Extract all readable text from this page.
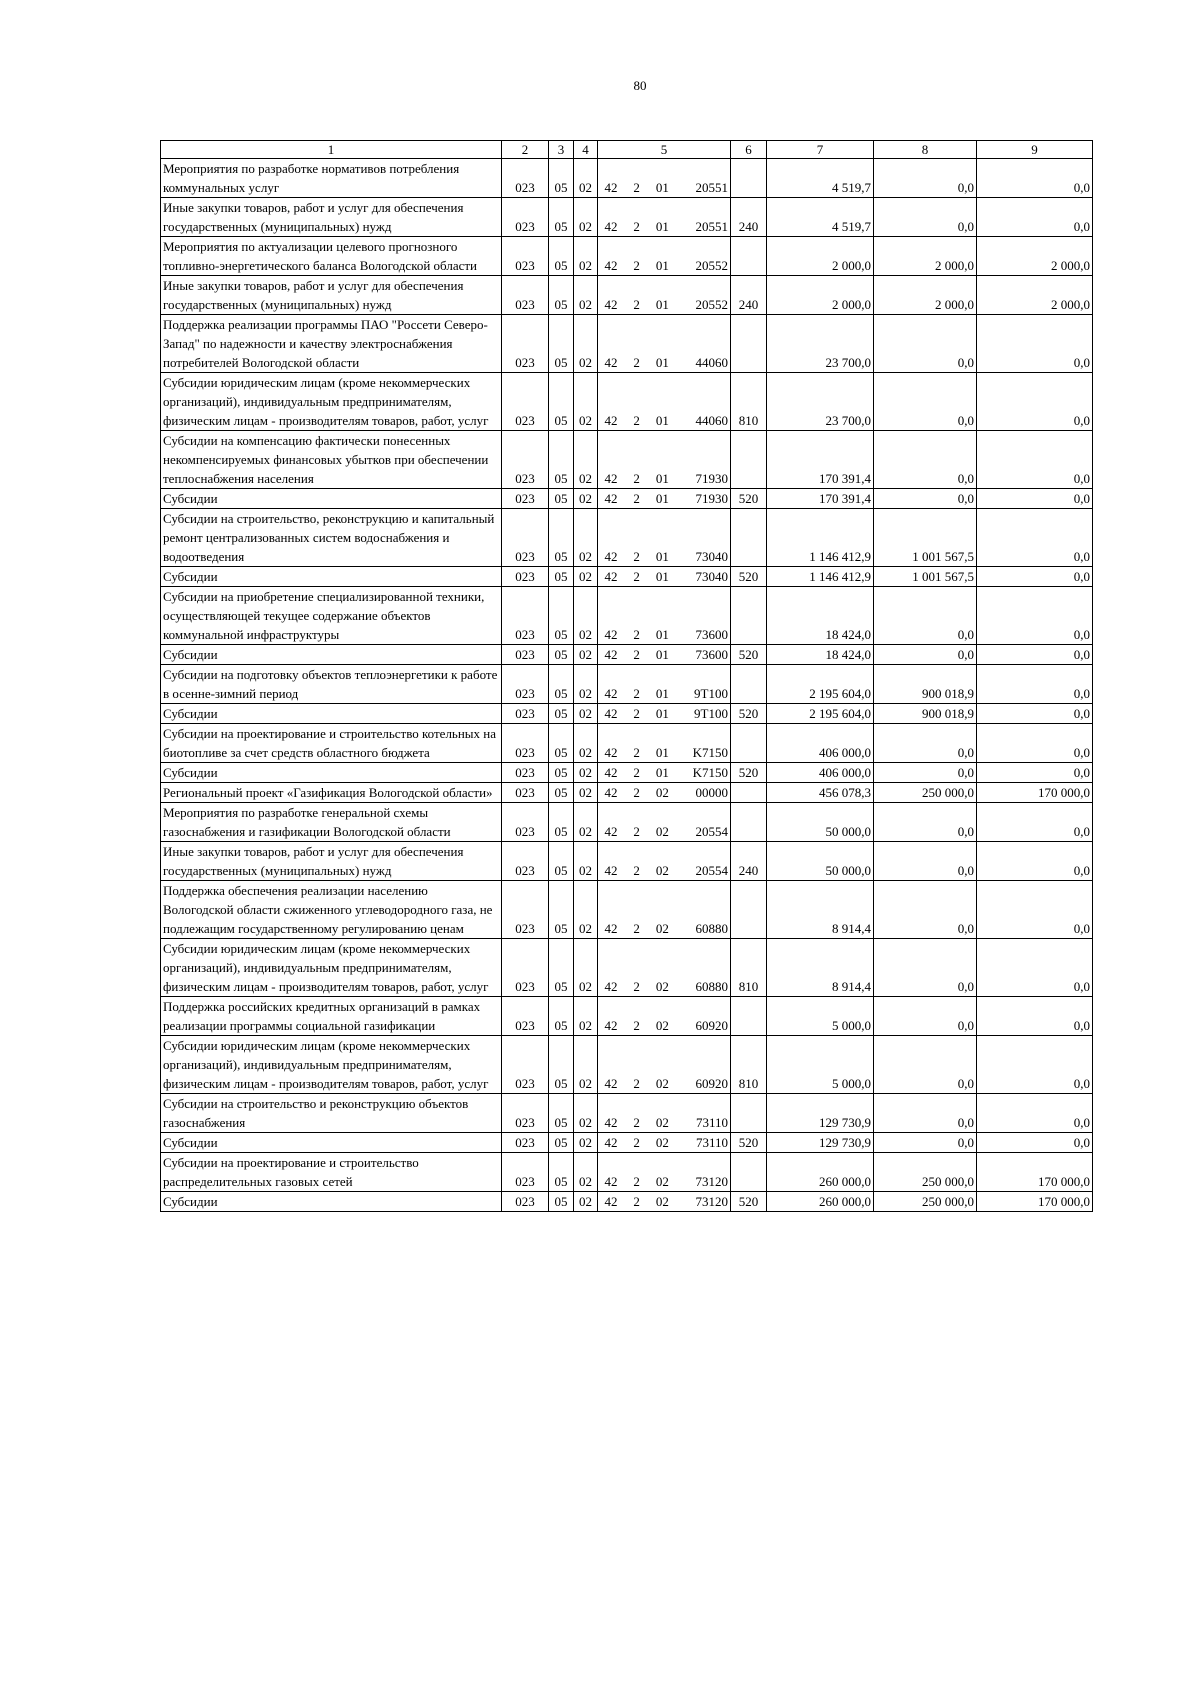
80
1	2	3	4	5	6	7	8	9
Мероприятия по разработке нормативов потребления коммунальных услуг	023	05	02	42 2 01 20551		4 519,7	0,0	0,0
Иные закупки товаров, работ и услуг для обеспечения государственных (муниципальных) нужд	023	05	02	42 2 01 20551	240	4 519,7	0,0	0,0
Мероприятия по актуализации целевого прогнозного топливно-энергетического баланса Вологодской области	023	05	02	42 2 01 20552		2 000,0	2 000,0	2 000,0
Иные закупки товаров, работ и услуг для обеспечения государственных (муниципальных) нужд	023	05	02	42 2 01 20552	240	2 000,0	2 000,0	2 000,0
Поддержка реализации программы ПАО "Россети Северо-Запад" по надежности и качеству электроснабжения потребителей Вологодской области	023	05	02	42 2 01 44060		23 700,0	0,0	0,0
Субсидии юридическим лицам (кроме некоммерческих организаций), индивидуальным предпринимателям, физическим лицам - производителям товаров, работ, услуг	023	05	02	42 2 01 44060	810	23 700,0	0,0	0,0
Субсидии на компенсацию фактически понесенных некомпенсируемых финансовых убытков при обеспечении теплоснабжения населения	023	05	02	42 2 01 71930		170 391,4	0,0	0,0
Субсидии	023	05	02	42 2 01 71930	520	170 391,4	0,0	0,0
Субсидии на строительство, реконструкцию и капитальный ремонт централизованных систем водоснабжения и водоотведения	023	05	02	42 2 01 73040		1 146 412,9	1 001 567,5	0,0
Субсидии	023	05	02	42 2 01 73040	520	1 146 412,9	1 001 567,5	0,0
Субсидии на приобретение специализированной техники, осуществляющей текущее содержание объектов коммунальной инфраструктуры	023	05	02	42 2 01 73600		18 424,0	0,0	0,0
Субсидии	023	05	02	42 2 01 73600	520	18 424,0	0,0	0,0
Субсидии на подготовку объектов теплоэнергетики к работе в осенне-зимний период	023	05	02	42 2 01 9Т100		2 195 604,0	900 018,9	0,0
Субсидии	023	05	02	42 2 01 9Т100	520	2 195 604,0	900 018,9	0,0
Субсидии на проектирование и строительство котельных на биотопливе за счет средств областного бюджета	023	05	02	42 2 01 K7150		406 000,0	0,0	0,0
Субсидии	023	05	02	42 2 01 K7150	520	406 000,0	0,0	0,0
Региональный проект «Газификация Вологодской области»	023	05	02	42 2 02 00000		456 078,3	250 000,0	170 000,0
Мероприятия по разработке генеральной схемы газоснабжения и газификации Вологодской области	023	05	02	42 2 02 20554		50 000,0	0,0	0,0
Иные закупки товаров, работ и услуг для обеспечения государственных (муниципальных) нужд	023	05	02	42 2 02 20554	240	50 000,0	0,0	0,0
Поддержка обеспечения реализации населению Вологодской области сжиженного углеводородного газа, не подлежащим государственному регулированию ценам	023	05	02	42 2 02 60880		8 914,4	0,0	0,0
Субсидии юридическим лицам (кроме некоммерческих организаций), индивидуальным предпринимателям, физическим лицам - производителям товаров, работ, услуг	023	05	02	42 2 02 60880	810	8 914,4	0,0	0,0
Поддержка российских кредитных организаций в рамках реализации программы социальной газификации	023	05	02	42 2 02 60920		5 000,0	0,0	0,0
Субсидии юридическим лицам (кроме некоммерческих организаций), индивидуальным предпринимателям, физическим лицам - производителям товаров, работ, услуг	023	05	02	42 2 02 60920	810	5 000,0	0,0	0,0
Субсидии на строительство и реконструкцию объектов газоснабжения	023	05	02	42 2 02 73110		129 730,9	0,0	0,0
Субсидии	023	05	02	42 2 02 73110	520	129 730,9	0,0	0,0
Субсидии на проектирование и строительство распределительных газовых сетей	023	05	02	42 2 02 73120		260 000,0	250 000,0	170 000,0
Субсидии	023	05	02	42 2 02 73120	520	260 000,0	250 000,0	170 000,0
